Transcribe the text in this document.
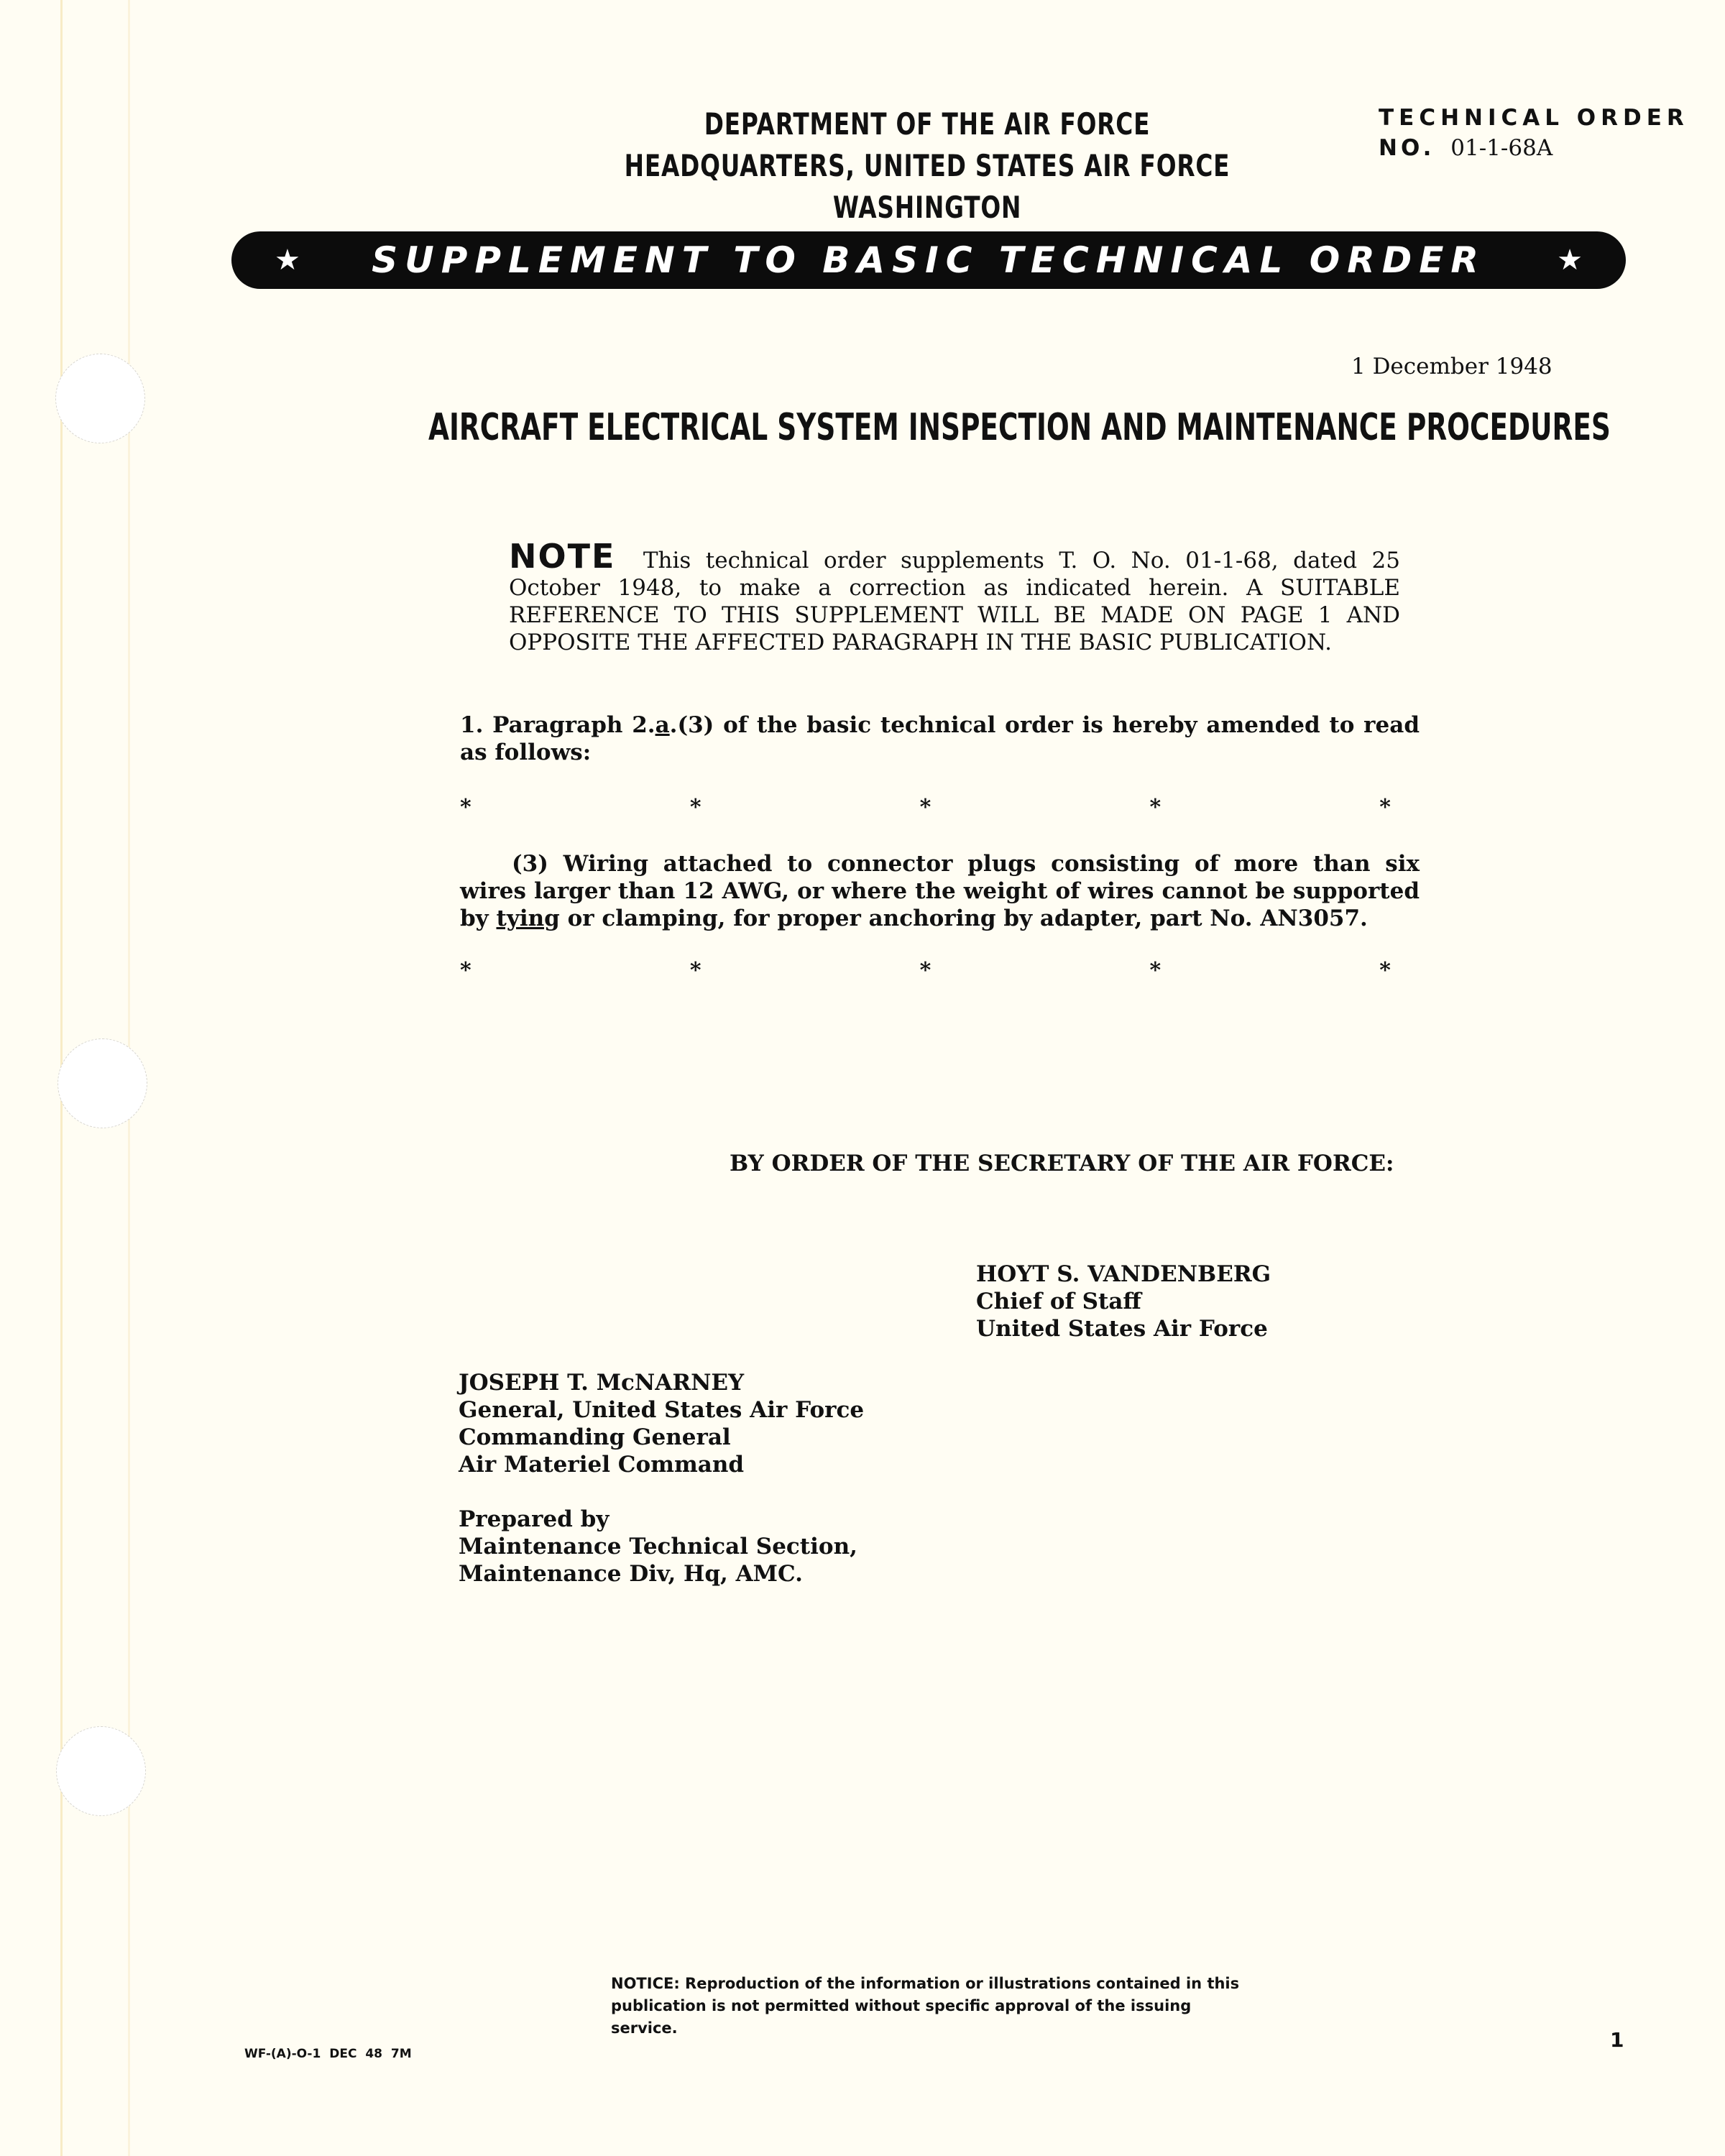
DEPARTMENT OF THE AIR FORCE
HEADQUARTERS, UNITED STATES AIR FORCE
WASHINGTON
TECHNICAL ORDER
NO. 01-1-68A
★ SUPPLEMENT TO BASIC TECHNICAL ORDER ★
1 December 1948
AIRCRAFT ELECTRICAL SYSTEM INSPECTION AND MAINTENANCE PROCEDURES
NOTE This technical order supplements T. O. No. 01-1-68, dated 25 October 1948, to make a correction as indicated herein. A SUITABLE REFERENCE TO THIS SUPPLEMENT WILL BE MADE ON PAGE 1 AND OPPOSITE THE AFFECTED PARAGRAPH IN THE BASIC PUBLICATION.
1. Paragraph 2.a.(3) of the basic technical order is hereby amended to read as follows:
*	*	*	*	*
(3) Wiring attached to connector plugs consisting of more than six wires larger than 12 AWG, or where the weight of wires cannot be supported by tying or clamping, for proper anchoring by adapter, part No. AN3057.
*	*	*	*	*
BY ORDER OF THE SECRETARY OF THE AIR FORCE:
HOYT S. VANDENBERG
Chief of Staff
United States Air Force
JOSEPH T. McNARNEY
General, United States Air Force
Commanding General
Air Materiel Command
Prepared by
Maintenance Technical Section,
Maintenance Div, Hq, AMC.
NOTICE: Reproduction of the information or illustrations contained in this publication is not permitted without specific approval of the issuing service.
WF-(A)-O-1 DEC 48 7M
1
